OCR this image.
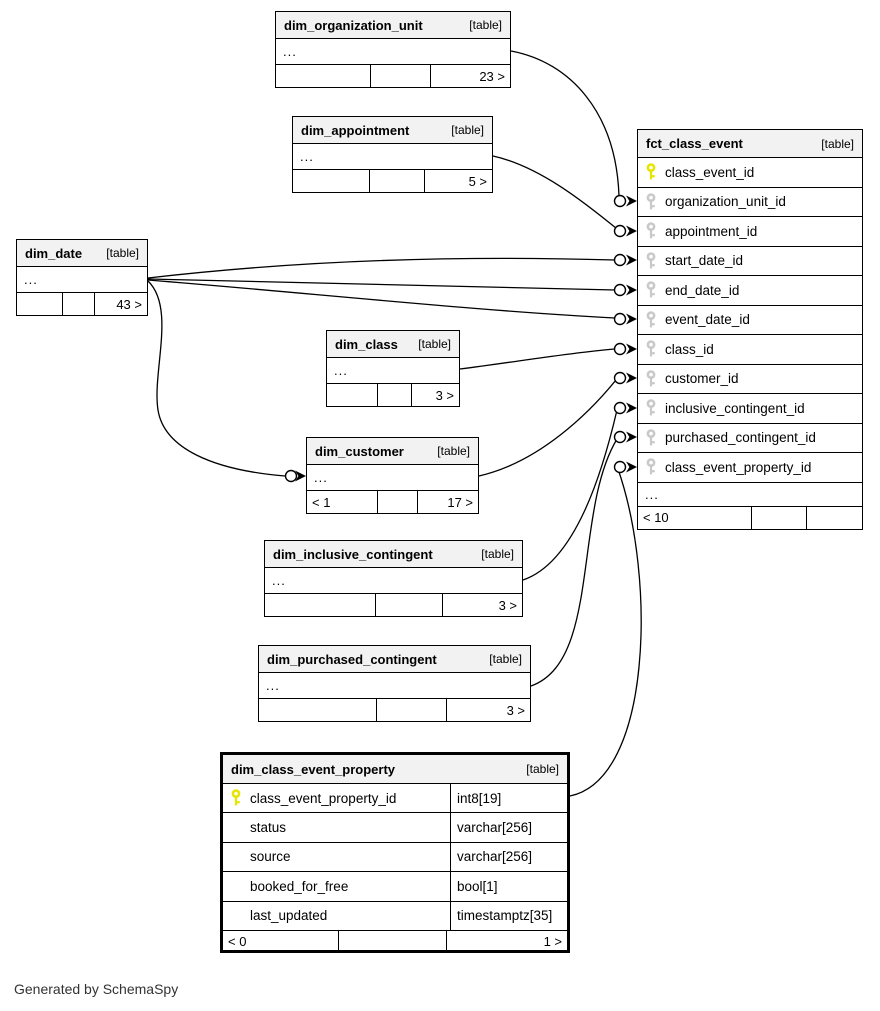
dim_organization_unit	[table]
...
23 >
dim_appointment	[table]
...
5 >
dim_date [table]
...
43 >
dim_class [table]
...
3 >
dim_customer	[table]
...
< 1	17 >
dim_inclusive_contingent	[table]
...
3 >
dim_purchased_contingent	[table]
...
3 >
fct_class_event	[table]
class_event_id
organization_unit_id
appointment_id
start_date_id
end_date_id
event_date_id
class_id
customer_id
inclusive_contingent_id
purchased_contingent_id
class_event_property_id
...
< 10
dim_class_event_property	[table]
class_event_property_id	int8[19]
status	varchar[256]
source	varchar[256]
booked_for_free	bool[1]
last_updated	timestamptz[35]
< 0	1 >
Generated by SchemaSpy
